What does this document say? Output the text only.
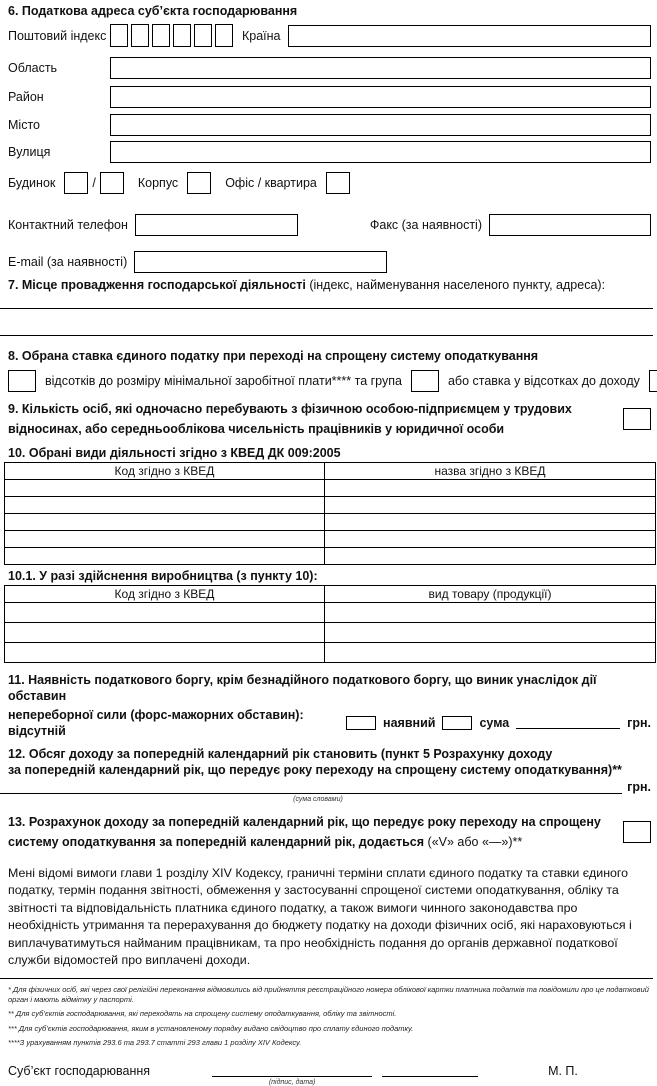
6. Податкова адреса суб’єкта господарювання
Поштовий індекс	Країна
Область
Район
Місто
Вулиця
Будинок	/	Корпус	Офіс / квартира
Контактний телефон	Факс (за наявності)
E-mail (за наявності)
7. Місце провадження господарської діяльності (індекс, найменування населеного пункту, адреса):
8. Обрана ставка єдиного податку при переході на спрощену систему оподаткування
відсотків до розміру мінімальної заробітної плати**** та група	або ставка у відсотках до доходу
9. Кількість осіб, які одночасно перебувають з фізичною особою-підприємцем у трудових відносинах, або середньооблікова чисельність працівників у юридичної особи
10. Обрані види діяльності згідно з КВЕД ДК 009:2005
Код згідно з КВЕД	назва згідно з КВЕД

10.1. У разі здійснення виробництва (з пункту 10):
Код згідно з КВЕД	вид товару (продукції)

11. Наявність податкового боргу, крім безнадійного податкового боргу, що виник унаслідок дії обставин
непереборної сили (форс-мажорних обставин): відсутній
наявний	сума	грн.
12. Обсяг доходу за попередній календарний рік становить (пункт 5 Розрахунку доходу
за попередній календарний рік, що передує року переходу на спрощену систему оподаткування)**
грн.
(сума словами)
13. Розрахунок доходу за попередній календарний рік, що передує року переходу на спрощену систему оподаткування за попередній календарний рік, додається («V» або «—»)**
Мені відомі вимоги глави 1 розділу XIV Кодексу, граничні терміни сплати єдиного податку та ставки єдиного податку, термін подання звітності, обмеження у застосуванні спрощеної системи оподаткування, обліку та звітності та відповідальність платника єдиного податку, а також вимоги чинного законодавства про необхідність утримання та перерахування до бюджету податку на доходи фізичних осіб, які нараховуються і виплачуватимуться найманим працівникам, та про необхідність подання до органів державної податкової служби відомостей про виплачені доходи.
* Для фізичних осіб, які через свої релігійні переконання відмовились від прийняття реєстраційного номера облікової картки платника податків та повідомили про це податковий орган і мають відмітку у паспорті.
** Для суб’єктів господарювання, які переходять на спрощену систему оподаткування, обліку та звітності.
*** Для суб’єктів господарювання, яким в установленому порядку видано свідоцтво про сплату єдиного податку.
****З урахуванням пунктів 293.6 та 293.7 статті 293 глави 1 розділу XIV Кодексу.
Суб’єкт господарювання
(підпис, дата)
М. П.
